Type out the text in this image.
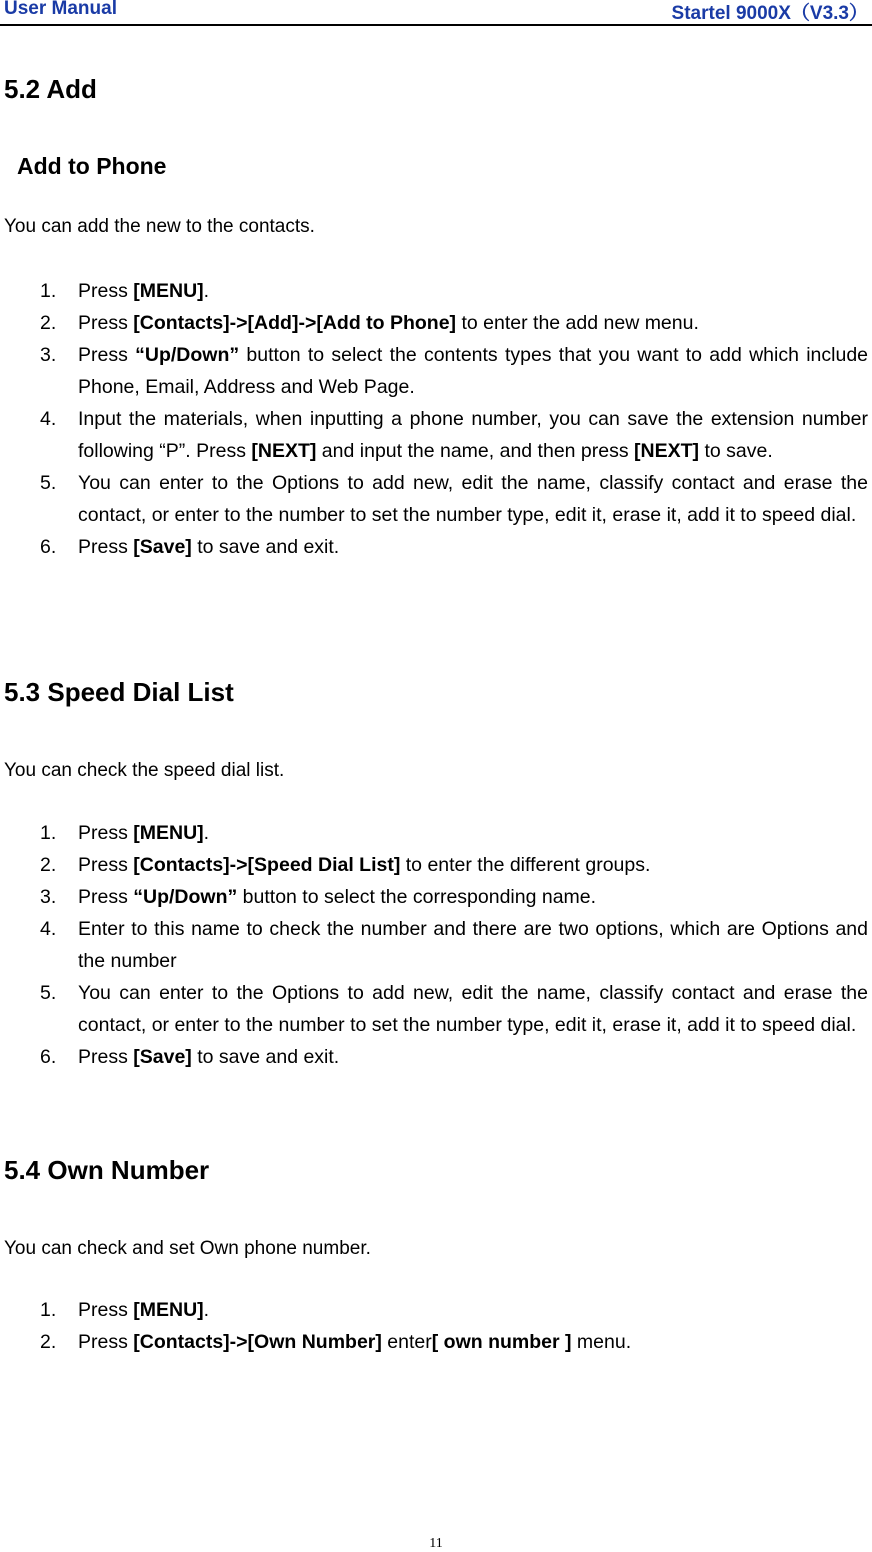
User Manual	Startel 9000X（V3.3）
5.2 Add
Add to Phone

You can add the new to the contacts.

1. Press [MENU].
2. Press [Contacts]->[Add]->[Add to Phone] to enter the add new menu.
3. Press “Up/Down” button to select the contents types that you want to add which include Phone, Email, Address and Web Page.
4. Input the materials, when inputting a phone number, you can save the extension number following “P”. Press [NEXT] and input the name, and then press [NEXT] to save.
5. You can enter to the Options to add new, edit the name, classify contact and erase the contact, or enter to the number to set the number type, edit it, erase it, add it to speed dial.
6. Press [Save] to save and exit.
5.3 Speed Dial List

You can check the speed dial list.

1. Press [MENU].
2. Press [Contacts]->[Speed Dial List] to enter the different groups.
3. Press “Up/Down” button to select the corresponding name.
4. Enter to this name to check the number and there are two options, which are Options and the number
5. You can enter to the Options to add new, edit the name, classify contact and erase the contact, or enter to the number to set the number type, edit it, erase it, add it to speed dial.
6. Press [Save] to save and exit.
5.4 Own Number

You can check and set Own phone number.

1. Press [MENU].
2. Press [Contacts]->[Own Number] enter[ own number ] menu.
11
